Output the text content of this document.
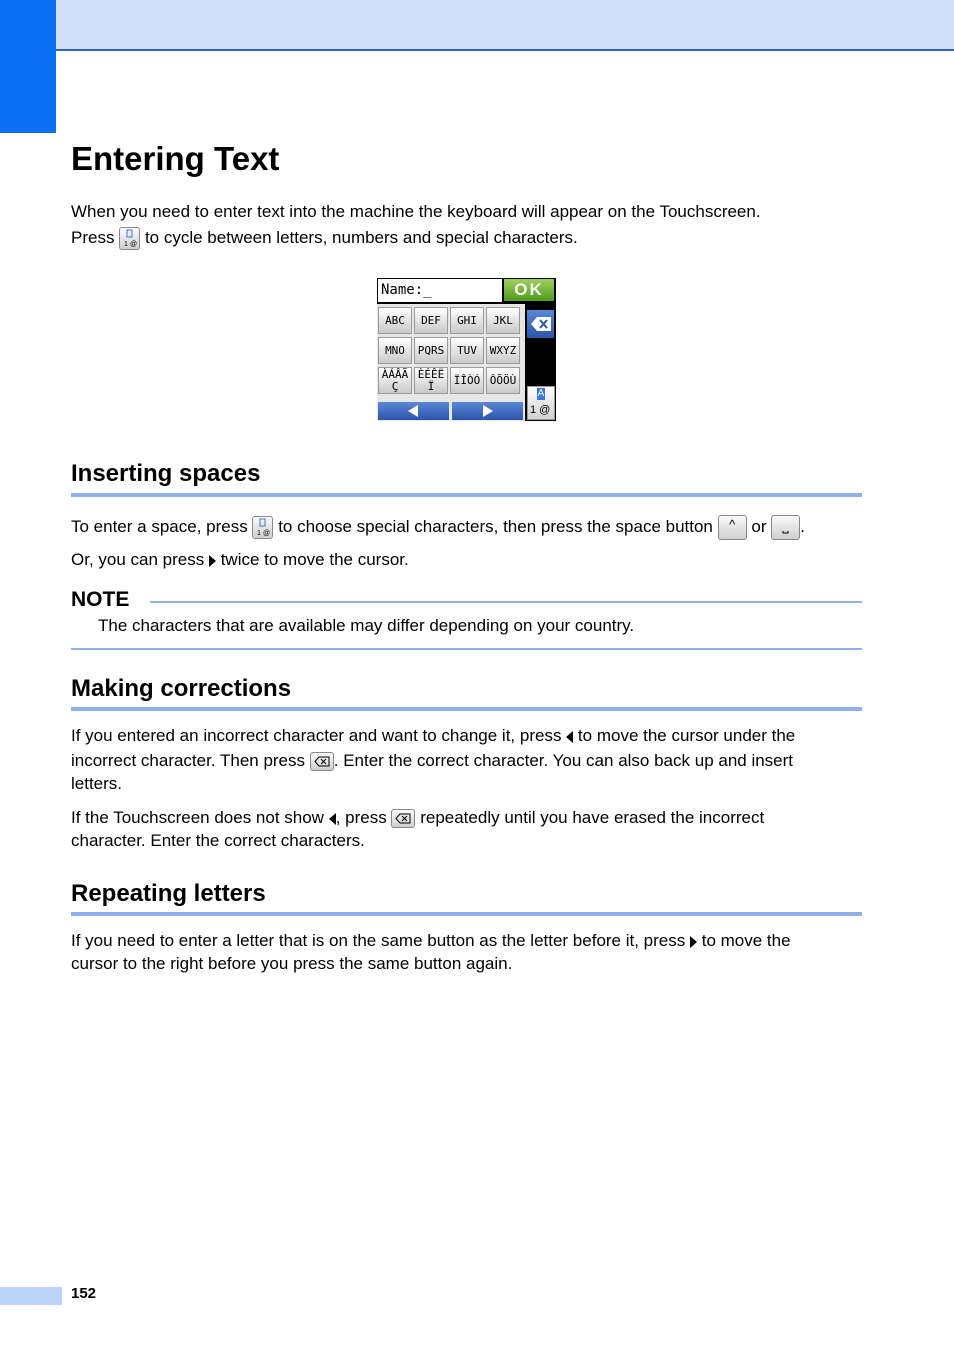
Entering Text

When you need to enter text into the machine the keyboard will appear on the Touchscreen.

Press 1 @ to cycle between letters, numbers and special characters.

Name:_	OK
ABC	DEF	GHI	JKL
MNO	PQRS	TUV	WXYZ
ÀÁÂÃ
Ç
ÈÉÊË
Ï	ÏÎÒÓ ÔÕÖÙ
A
1 @
Inserting spaces

To enter a space, press 1 @ to choose special characters, then press the space button ^ or .

Or, you can press twice to move the cursor.

NOTE

The characters that are available may differ depending on your country.

Making corrections

If you entered an incorrect character and want to change it, press to move the cursor under the

incorrect character. Then press . Enter the correct character. You can also back up and insert

letters.

If the Touchscreen does not show , press repeatedly until you have erased the incorrect

character. Enter the correct characters.

Repeating letters

If you need to enter a letter that is on the same button as the letter before it, press to move the

cursor to the right before you press the same button again.

152
